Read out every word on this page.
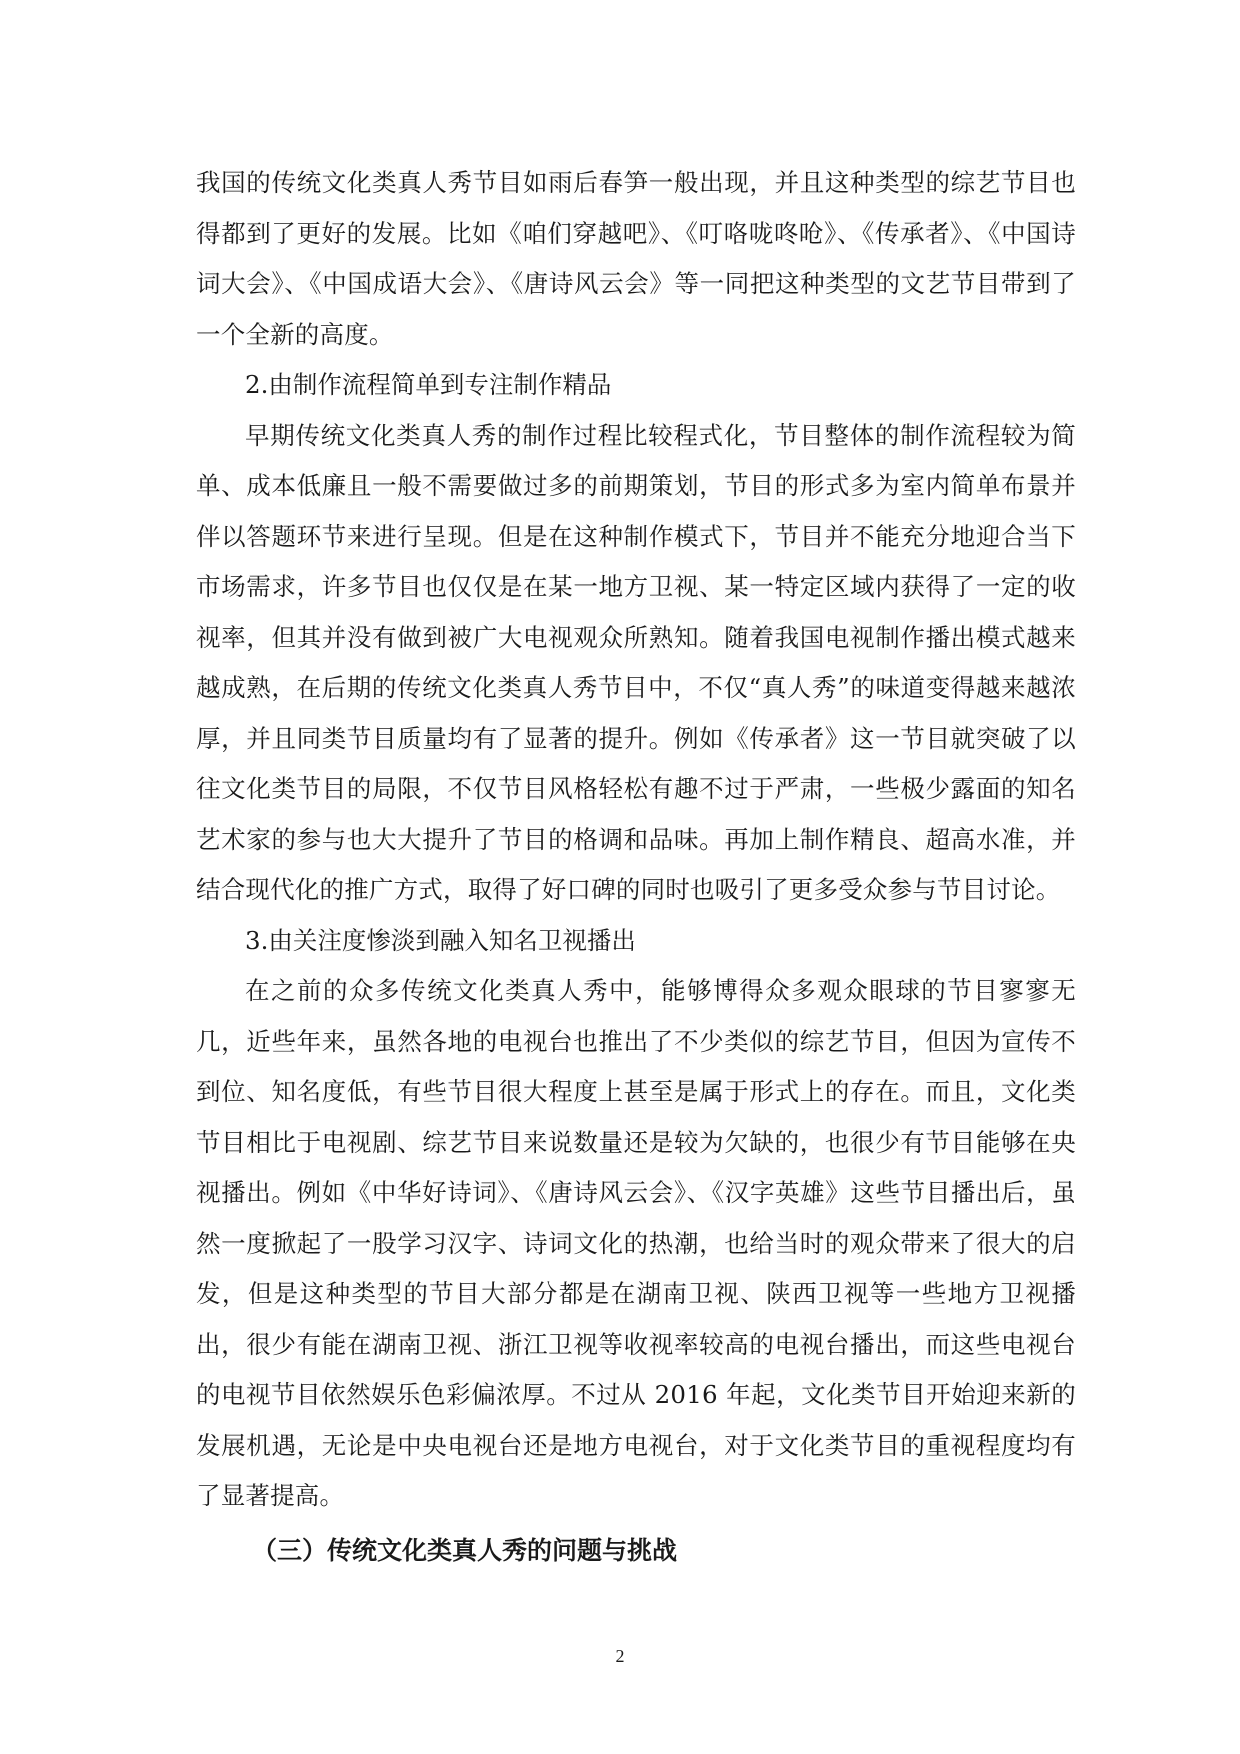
我国的传统文化类真人秀节目如雨后春笋一般出现，并且这种类型的综艺节目也得都到了更好的发展。比如《咱们穿越吧》、《叮咯咙咚呛》、《传承者》、《中国诗词大会》、《中国成语大会》、《唐诗风云会》等一同把这种类型的文艺节目带到了一个全新的高度。

2.由制作流程简单到专注制作精品

早期传统文化类真人秀的制作过程比较程式化，节目整体的制作流程较为简单、成本低廉且一般不需要做过多的前期策划，节目的形式多为室内简单布景并伴以答题环节来进行呈现。但是在这种制作模式下，节目并不能充分地迎合当下市场需求，许多节目也仅仅是在某一地方卫视、某一特定区域内获得了一定的收视率，但其并没有做到被广大电视观众所熟知。随着我国电视制作播出模式越来越成熟，在后期的传统文化类真人秀节目中，不仅“真人秀”的味道变得越来越浓厚，并且同类节目质量均有了显著的提升。例如《传承者》这一节目就突破了以往文化类节目的局限，不仅节目风格轻松有趣不过于严肃，一些极少露面的知名艺术家的参与也大大提升了节目的格调和品味。再加上制作精良、超高水准，并结合现代化的推广方式，取得了好口碑的同时也吸引了更多受众参与节目讨论。

3.由关注度惨淡到融入知名卫视播出

在之前的众多传统文化类真人秀中，能够博得众多观众眼球的节目寥寥无几，近些年来，虽然各地的电视台也推出了不少类似的综艺节目，但因为宣传不到位、知名度低，有些节目很大程度上甚至是属于形式上的存在。而且，文化类节目相比于电视剧、综艺节目来说数量还是较为欠缺的，也很少有节目能够在央视播出。例如《中华好诗词》、《唐诗风云会》、《汉字英雄》这些节目播出后，虽然一度掀起了一股学习汉字、诗词文化的热潮，也给当时的观众带来了很大的启发，但是这种类型的节目大部分都是在湖南卫视、陕西卫视等一些地方卫视播出，很少有能在湖南卫视、浙江卫视等收视率较高的电视台播出，而这些电视台的电视节目依然娱乐色彩偏浓厚。不过从 2016 年起，文化类节目开始迎来新的发展机遇，无论是中央电视台还是地方电视台，对于文化类节目的重视程度均有了显著提高。

（三）传统文化类真人秀的问题与挑战

2
